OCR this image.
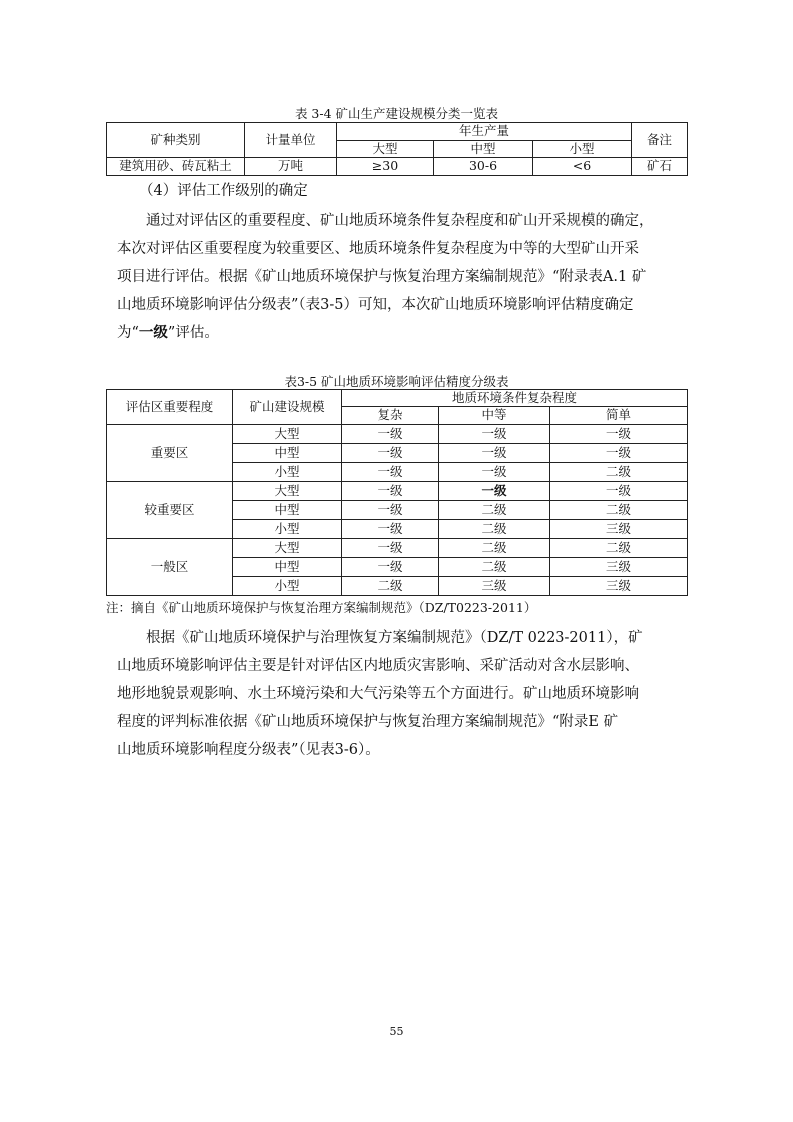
表 3-4 矿山生产建设规模分类一览表
矿种类别	计量单位	年生产量			备注
		大型	中型	小型	
建筑用砂、砖瓦粘土	万吨	≥30	30-6	<6	矿石
（4）评估工作级别的确定
通过对评估区的重要程度、矿山地质环境条件复杂程度和矿山开采规模的确定，
本次对评估区重要程度为较重要区、地质环境条件复杂程度为中等的大型矿山开采
项目进行评估。根据《矿山地质环境保护与恢复治理方案编制规范》“附录表A.1 矿
山地质环境影响评估分级表”（表3-5）可知，本次矿山地质环境影响评估精度确定
为“一级”评估。
表3-5 矿山地质环境影响评估精度分级表
评估区重要程度	矿山建设规模	地质环境条件复杂程度		
		复杂	中等	简单
重要区	大型	一级	一级	一级
	中型	一级	一级	一级
	小型	一级	一级	二级
较重要区	大型	一级	一级	一级
	中型	一级	二级	二级
	小型	一级	二级	三级
一般区	大型	一级	二级	二级
	中型	一级	二级	三级
	小型	二级	三级	三级
注：摘自《矿山地质环境保护与恢复治理方案编制规范》（DZ/T0223-2011）
根据《矿山地质环境保护与治理恢复方案编制规范》（DZ/T 0223-2011），矿
山地质环境影响评估主要是针对评估区内地质灾害影响、采矿活动对含水层影响、
地形地貌景观影响、水土环境污染和大气污染等五个方面进行。矿山地质环境影响
程度的评判标准依据《矿山地质环境保护与恢复治理方案编制规范》“附录E 矿
山地质环境影响程度分级表”（见表3-6）。
55
